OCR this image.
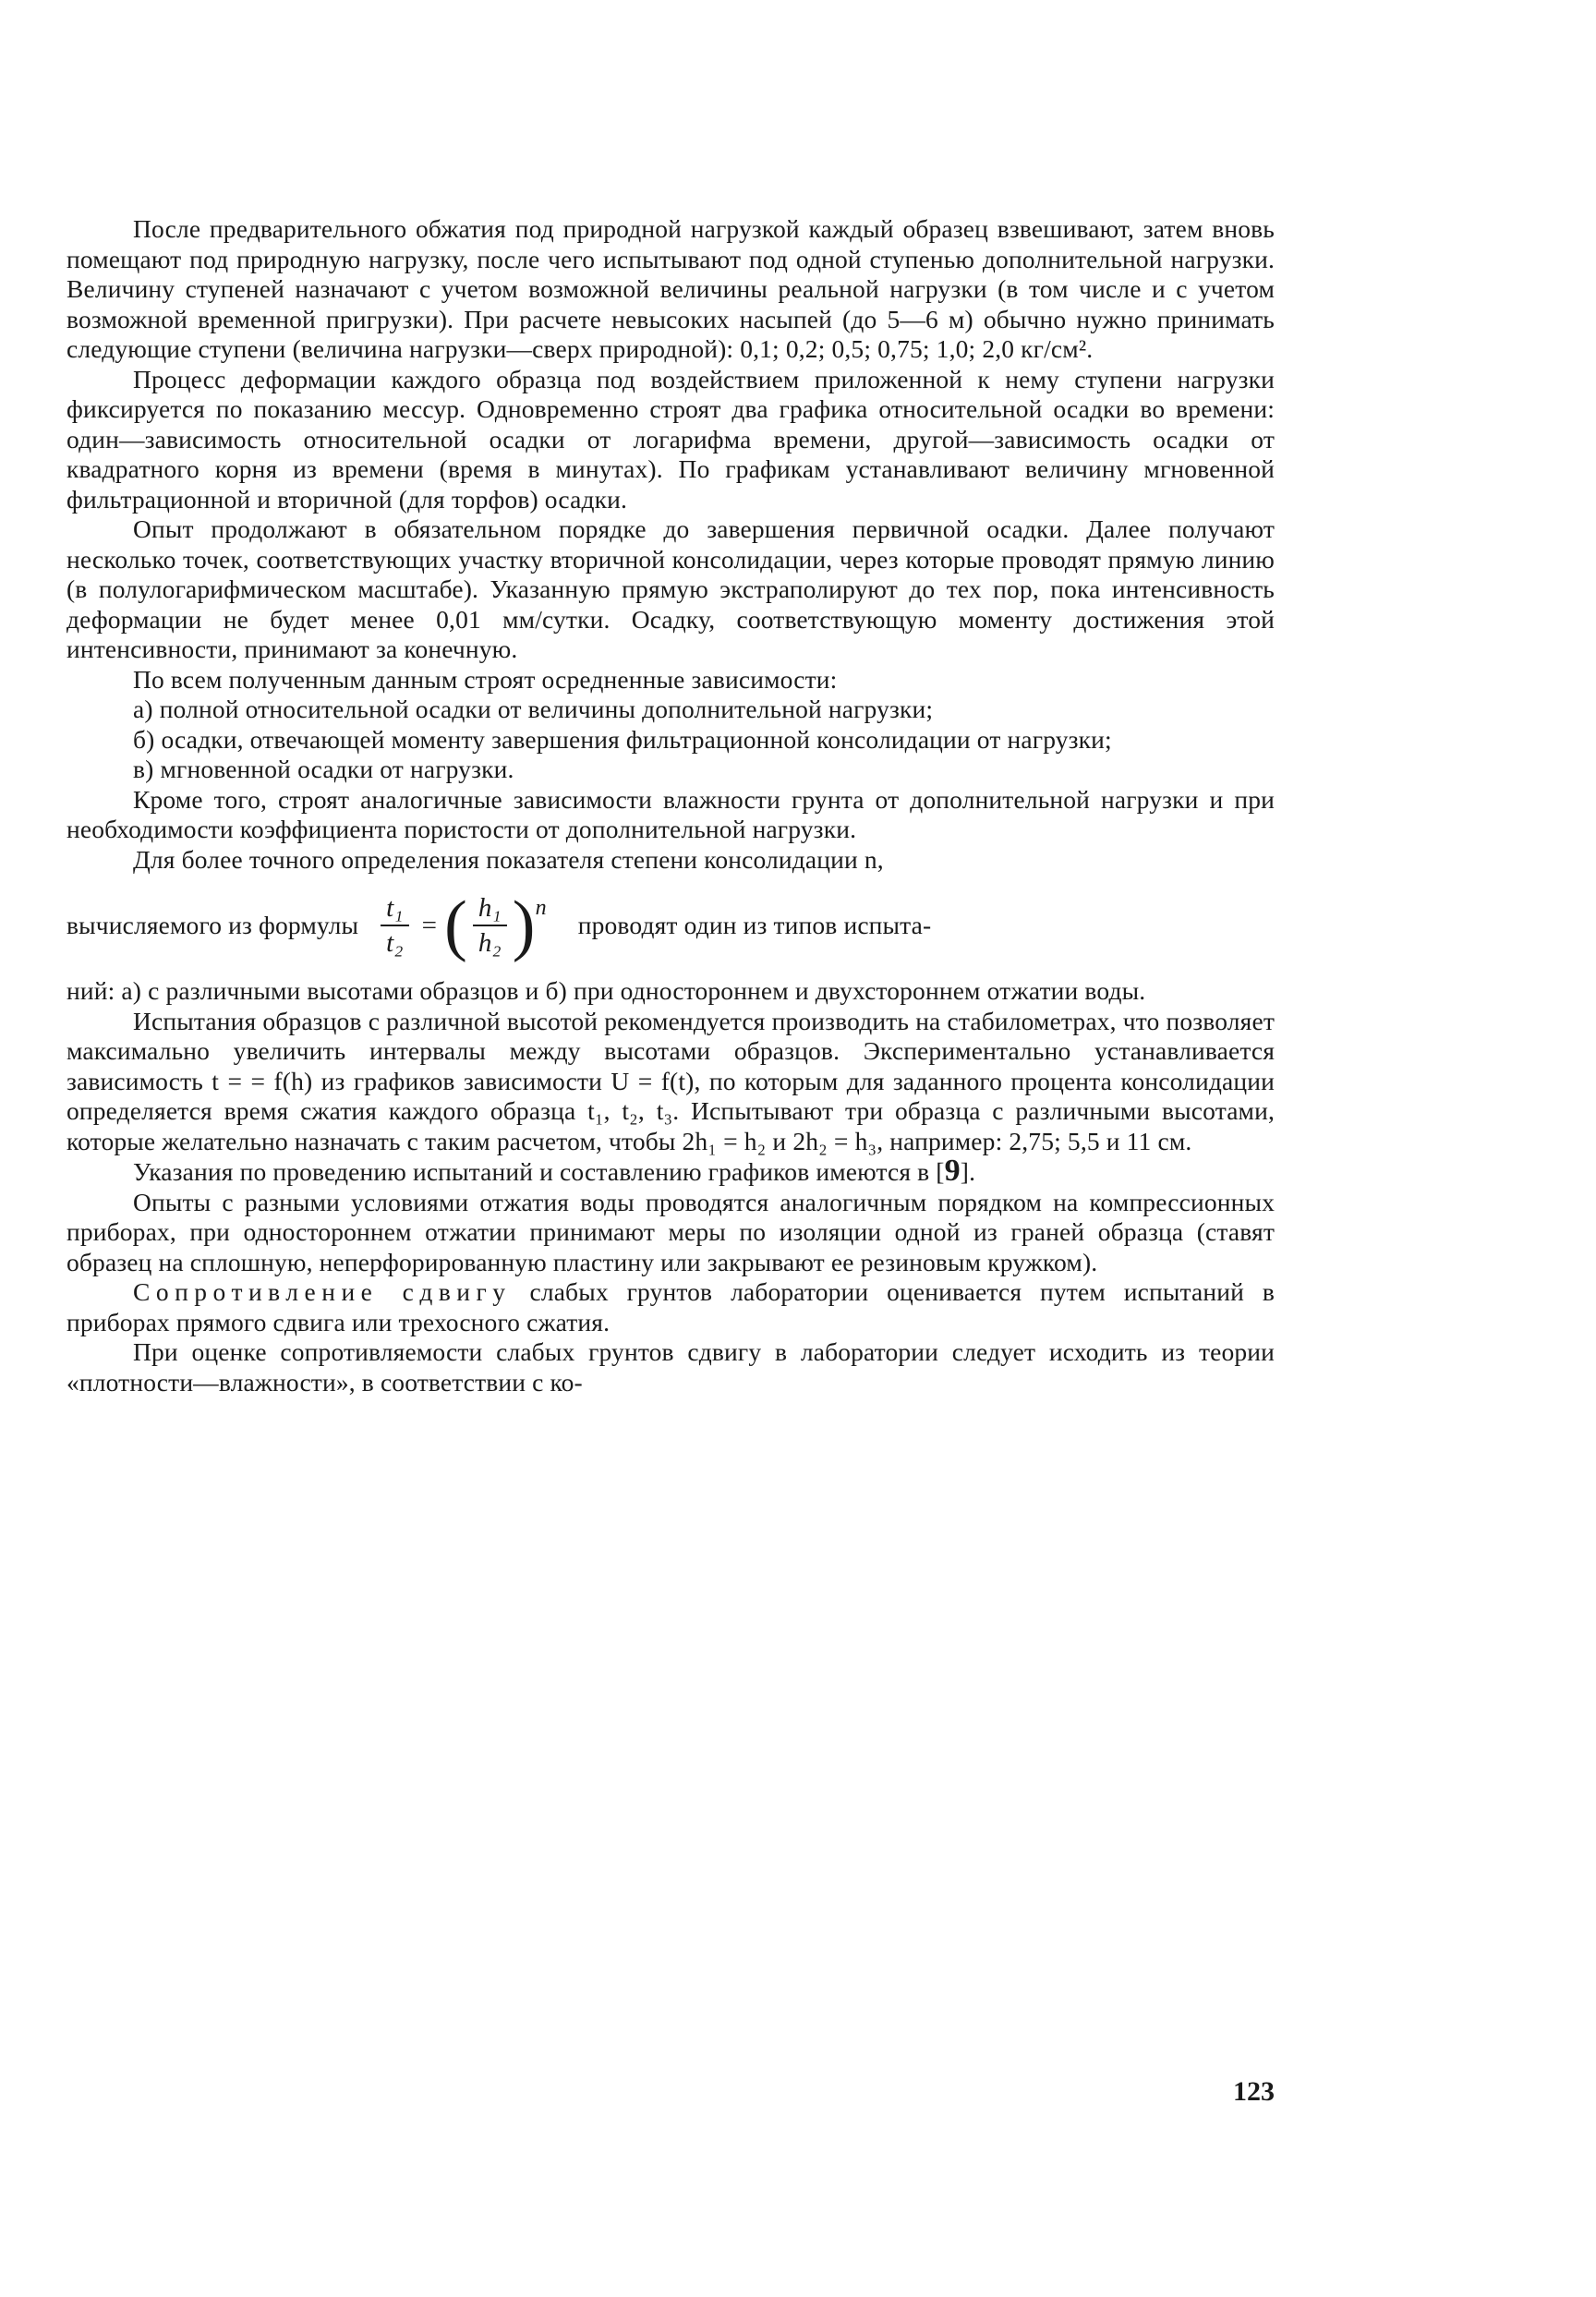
После предварительного обжатия под природной нагрузкой каждый образец взвешивают, затем вновь помещают под природную нагрузку, после чего испытывают под одной ступенью дополнительной нагрузки. Величину ступеней назначают с учетом возможной величины реальной нагрузки (в том числе и с учетом возможной временной пригрузки). При расчете невысоких насыпей (до 5—6 м) обычно нужно принимать следующие ступени (величина нагрузки—сверх природной): 0,1; 0,2; 0,5; 0,75; 1,0; 2,0 кг/см².

Процесс деформации каждого образца под воздействием приложенной к нему ступени нагрузки фиксируется по показанию мессур. Одновременно строят два графика относительной осадки во времени: один—зависимость относительной осадки от логарифма времени, другой—зависимость осадки от квадратного корня из времени (время в минутах). По графикам устанавливают величину мгновенной фильтрационной и вторичной (для торфов) осадки.

Опыт продолжают в обязательном порядке до завершения первичной осадки. Далее получают несколько точек, соответствующих участку вторичной консолидации, через которые проводят прямую линию (в полулогарифмическом масштабе). Указанную прямую экстраполируют до тех пор, пока интенсивность деформации не будет менее 0,01 мм/сутки. Осадку, соответствующую моменту достижения этой интенсивности, принимают за конечную.

По всем полученным данным строят осредненные зависимости:

а) полной относительной осадки от величины дополнительной нагрузки;

б) осадки, отвечающей моменту завершения фильтрационной консолидации от нагрузки;

в) мгновенной осадки от нагрузки.

Кроме того, строят аналогичные зависимости влажности грунта от дополнительной нагрузки и при необходимости коэффициента пористости от дополнительной нагрузки.

Для более точного определения показателя степени консолидации n,

вычисляемого из формулы $\frac{\text{t₁}}{\text{t₂}}$ = ( $\frac{\text{h₁}}{\text{h₂}}$ ) n
проводят один из типов испыта-

ний: а) с различными высотами образцов и б) при одностороннем и двухстороннем отжатии воды.

Испытания образцов с различной высотой рекомендуется производить на стабилометрах, что позволяет максимально увеличить интервалы между высотами образцов. Экспериментально устанавливается зависимость t = = f(h) из графиков зависимости U = f(t), по которым для заданного процента консолидации определяется время сжатия каждого образца t₁, t₂, t₃. Испытывают три образца с различными высотами, которые желательно назначать с таким расчетом, чтобы 2h₁ = h₂ и 2h₂ = h₃, например: 2,75; 5,5 и 11 см.

Указания по проведению испытаний и составлению графиков имеются в [9].

Опыты с разными условиями отжатия воды проводятся аналогичным порядком на компрессионных приборах, при одностороннем отжатии принимают меры по изоляции одной из граней образца (ставят образец на сплошную, неперфорированную пластину или закрывают ее резиновым кружком).

Сопротивление сдвигу слабых грунтов лаборатории оценивается путем испытаний в приборах прямого сдвига или трехосного сжатия.

При оценке сопротивляемости слабых грунтов сдвигу в лаборатории следует исходить из теории «плотности—влажности», в соответствии с ко-

123
